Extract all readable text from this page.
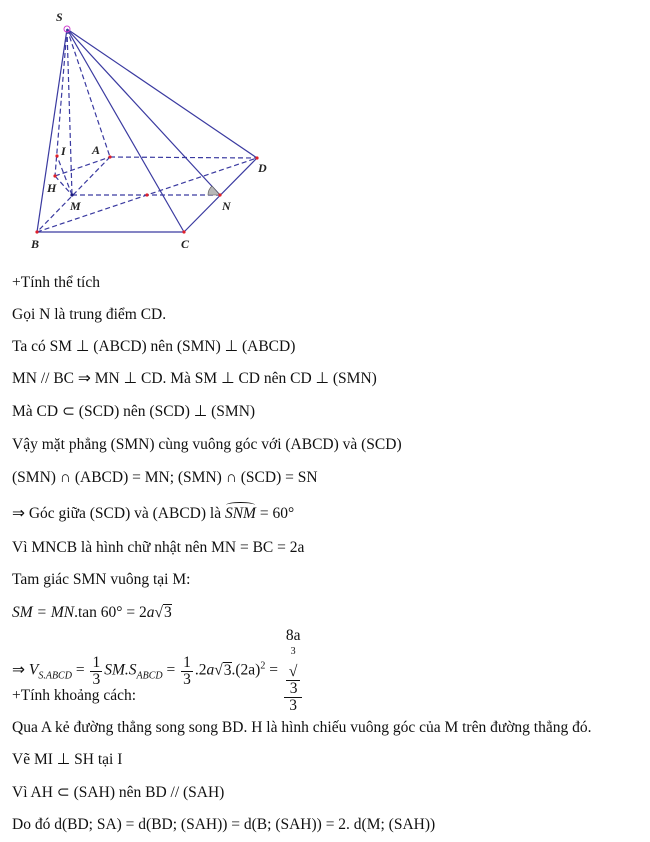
S
A
B	C
D
M	N
H
I
+Tính thể tích
Gọi N là trung điểm CD.
Ta có SM ⊥ (ABCD) nên (SMN) ⊥ (ABCD)
MN // BC ⇒ MN ⊥ CD. Mà SM ⊥ CD nên CD ⊥ (SMN)
Mà CD ⊂ (SCD) nên (SCD) ⊥ (SMN)
Vậy mặt phẳng (SMN) cùng vuông góc với (ABCD) và (SCD)
(SMN) ∩ (ABCD) = MN; (SMN) ∩ (SCD) = SN
⇒ Góc giữa (SCD) và (ABCD) là SNM = 60°
Vì MNCB là hình chữ nhật nên MN = BC = 2a
Tam giác SMN vuông tại M:
SM = MN.tan 60° = 2a√3
⇒ $V_{S.ABCD} = \frac{1}{3} SM.S_{ABCD} = \frac{1}{3} .2a√3.(2a)^2 = 8a$
$^3$
√
3
3
+Tính khoảng cách:
Qua A kẻ đường thẳng song song BD. H là hình chiếu vuông góc của M trên đường thẳng đó.
Vẽ MI ⊥ SH tại I
Vì AH ⊂ (SAH) nên BD // (SAH)
Do đó d(BD; SA) = d(BD; (SAH)) = d(B; (SAH)) = 2. d(M; (SAH))
